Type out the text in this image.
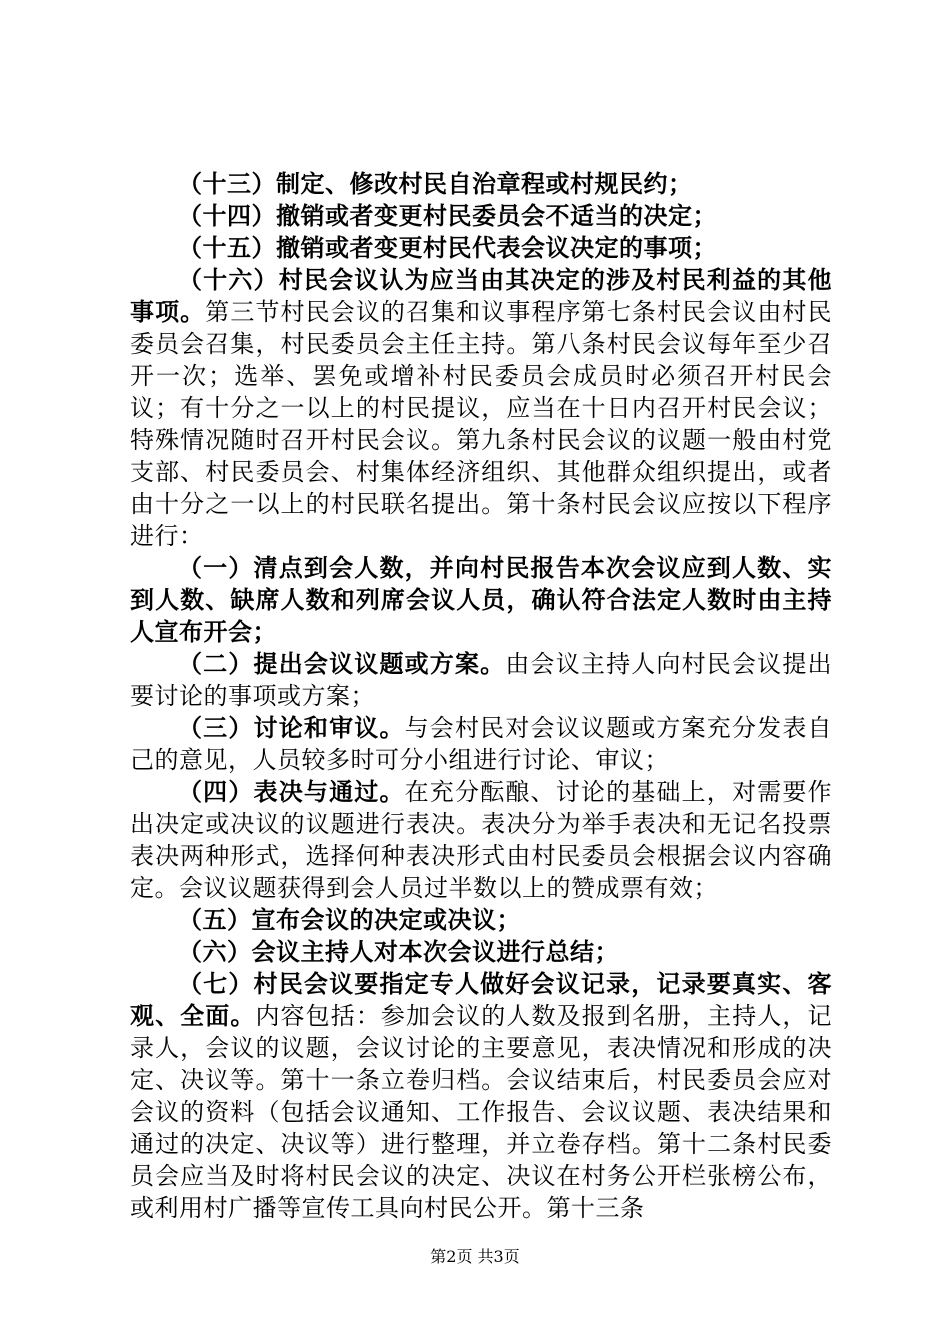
（十三）制定、修改村民自治章程或村规民约；

（十四）撤销或者变更村民委员会不适当的决定；

（十五）撤销或者变更村民代表会议决定的事项；

（十六）村民会议认为应当由其决定的涉及村民利益的其他事项。第三节村民会议的召集和议事程序第七条村民会议由村民委员会召集，村民委员会主任主持。第八条村民会议每年至少召开一次；选举、罢免或增补村民委员会成员时必须召开村民会议；有十分之一以上的村民提议，应当在十日内召开村民会议；特殊情况随时召开村民会议。第九条村民会议的议题一般由村党支部、村民委员会、村集体经济组织、其他群众组织提出，或者由十分之一以上的村民联名提出。第十条村民会议应按以下程序进行：

（一）清点到会人数，并向村民报告本次会议应到人数、实到人数、缺席人数和列席会议人员，确认符合法定人数时由主持人宣布开会；

（二）提出会议议题或方案。由会议主持人向村民会议提出要讨论的事项或方案；

（三）讨论和审议。与会村民对会议议题或方案充分发表自己的意见，人员较多时可分小组进行讨论、审议；

（四）表决与通过。在充分酝酿、讨论的基础上，对需要作出决定或决议的议题进行表决。表决分为举手表决和无记名投票表决两种形式，选择何种表决形式由村民委员会根据会议内容确定。会议议题获得到会人员过半数以上的赞成票有效；

（五）宣布会议的决定或决议；

（六）会议主持人对本次会议进行总结；

（七）村民会议要指定专人做好会议记录，记录要真实、客观、全面。内容包括：参加会议的人数及报到名册，主持人，记录人，会议的议题，会议讨论的主要意见，表决情况和形成的决定、决议等。第十一条立卷归档。会议结束后，村民委员会应对会议的资料（包括会议通知、工作报告、会议议题、表决结果和通过的决定、决议等）进行整理，并立卷存档。第十二条村民委员会应当及时将村民会议的决定、决议在村务公开栏张榜公布，或利用村广播等宣传工具向村民公开。第十三条

第2页 共3页
